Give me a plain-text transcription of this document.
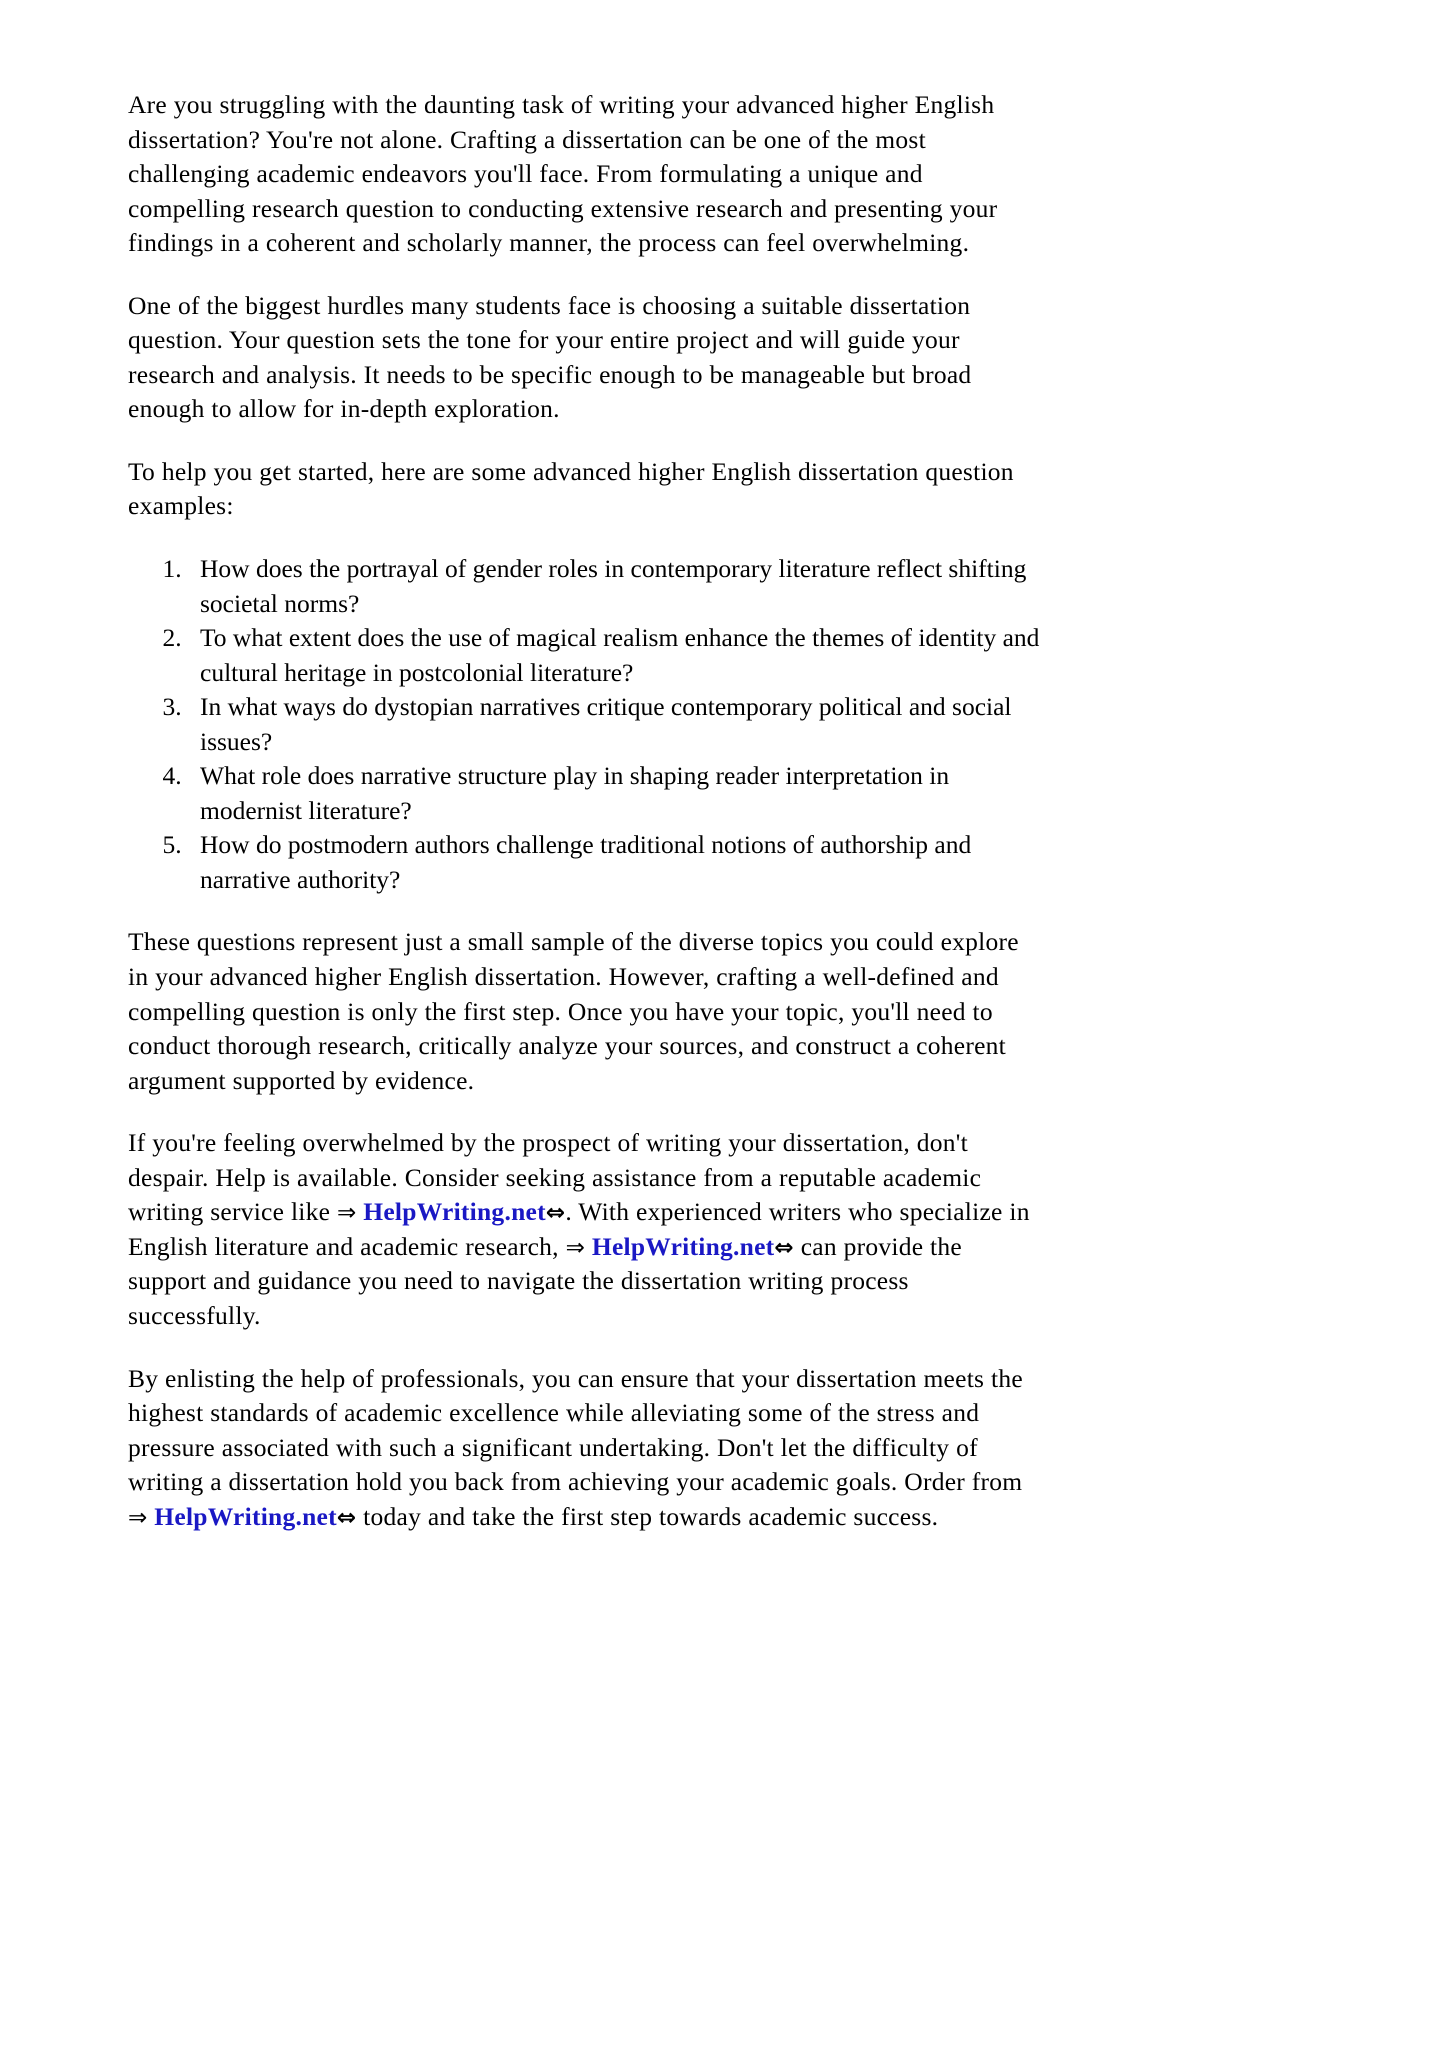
Are you struggling with the daunting task of writing your advanced higher English dissertation? You're not alone. Crafting a dissertation can be one of the most challenging academic endeavors you'll face. From formulating a unique and compelling research question to conducting extensive research and presenting your findings in a coherent and scholarly manner, the process can feel overwhelming.

One of the biggest hurdles many students face is choosing a suitable dissertation question. Your question sets the tone for your entire project and will guide your research and analysis. It needs to be specific enough to be manageable but broad enough to allow for in-depth exploration.

To help you get started, here are some advanced higher English dissertation question examples:

1. How does the portrayal of gender roles in contemporary literature reflect shifting societal norms?
2. To what extent does the use of magical realism enhance the themes of identity and cultural heritage in postcolonial literature?
3. In what ways do dystopian narratives critique contemporary political and social issues?
4. What role does narrative structure play in shaping reader interpretation in modernist literature?
5. How do postmodern authors challenge traditional notions of authorship and narrative authority?

These questions represent just a small sample of the diverse topics you could explore in your advanced higher English dissertation. However, crafting a well-defined and compelling question is only the first step. Once you have your topic, you'll need to conduct thorough research, critically analyze your sources, and construct a coherent argument supported by evidence.

If you're feeling overwhelmed by the prospect of writing your dissertation, don't despair. Help is available. Consider seeking assistance from a reputable academic writing service like ⇒ HelpWriting.net⇔. With experienced writers who specialize in English literature and academic research, ⇒ HelpWriting.net⇔ can provide the support and guidance you need to navigate the dissertation writing process successfully.

By enlisting the help of professionals, you can ensure that your dissertation meets the highest standards of academic excellence while alleviating some of the stress and pressure associated with such a significant undertaking. Don't let the difficulty of writing a dissertation hold you back from achieving your academic goals. Order from ⇒ HelpWriting.net⇔ today and take the first step towards academic success.
